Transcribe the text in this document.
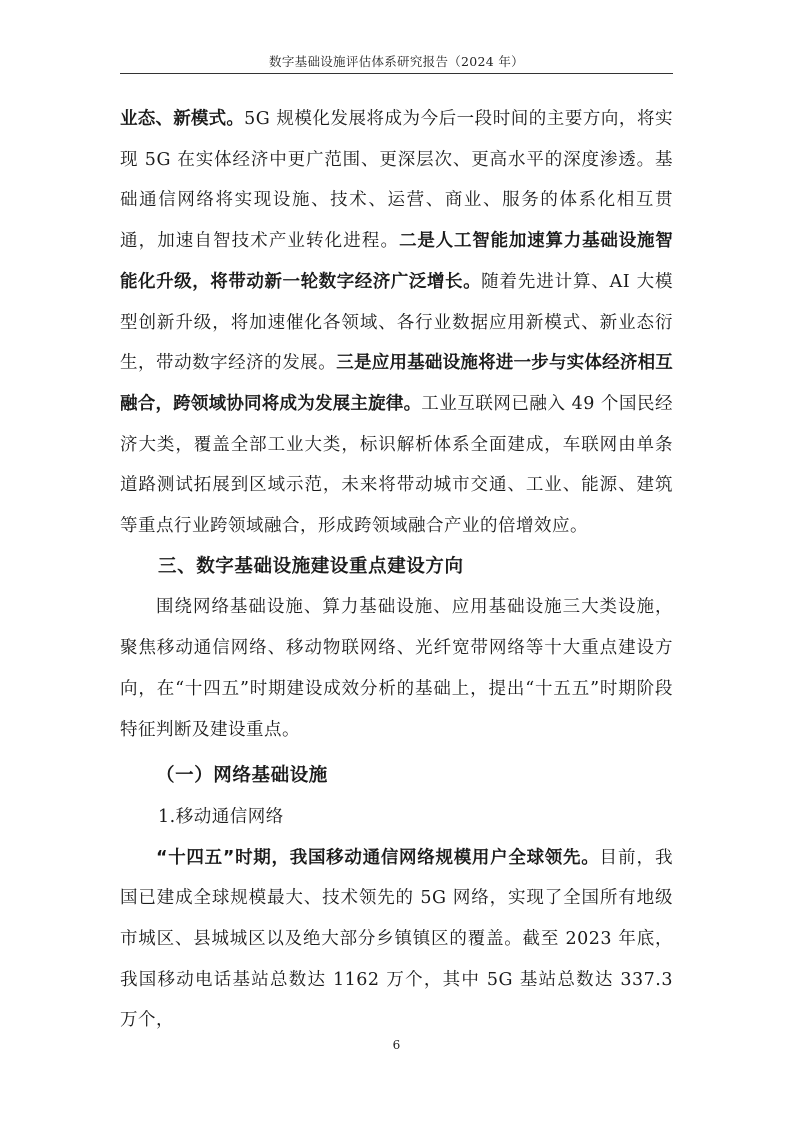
数字基础设施评估体系研究报告（2024 年）

业态、新模式。5G 规模化发展将成为今后一段时间的主要方向，将实现 5G 在实体经济中更广范围、更深层次、更高水平的深度渗透。基础通信网络将实现设施、技术、运营、商业、服务的体系化相互贯通，加速自智技术产业转化进程。二是人工智能加速算力基础设施智能化升级，将带动新一轮数字经济广泛增长。随着先进计算、AI 大模型创新升级，将加速催化各领域、各行业数据应用新模式、新业态衍生，带动数字经济的发展。三是应用基础设施将进一步与实体经济相互融合，跨领域协同将成为发展主旋律。工业互联网已融入 49 个国民经济大类，覆盖全部工业大类，标识解析体系全面建成，车联网由单条道路测试拓展到区域示范，未来将带动城市交通、工业、能源、建筑等重点行业跨领域融合，形成跨领域融合产业的倍增效应。

三、数字基础设施建设重点建设方向

围绕网络基础设施、算力基础设施、应用基础设施三大类设施，聚焦移动通信网络、移动物联网络、光纤宽带网络等十大重点建设方向，在“十四五”时期建设成效分析的基础上，提出“十五五”时期阶段特征判断及建设重点。

（一）网络基础设施

1.移动通信网络

“十四五”时期，我国移动通信网络规模用户全球领先。目前，我国已建成全球规模最大、技术领先的 5G 网络，实现了全国所有地级市城区、县城城区以及绝大部分乡镇镇区的覆盖。截至 2023 年底，我国移动电话基站总数达 1162 万个，其中 5G 基站总数达 337.3 万个，

6
